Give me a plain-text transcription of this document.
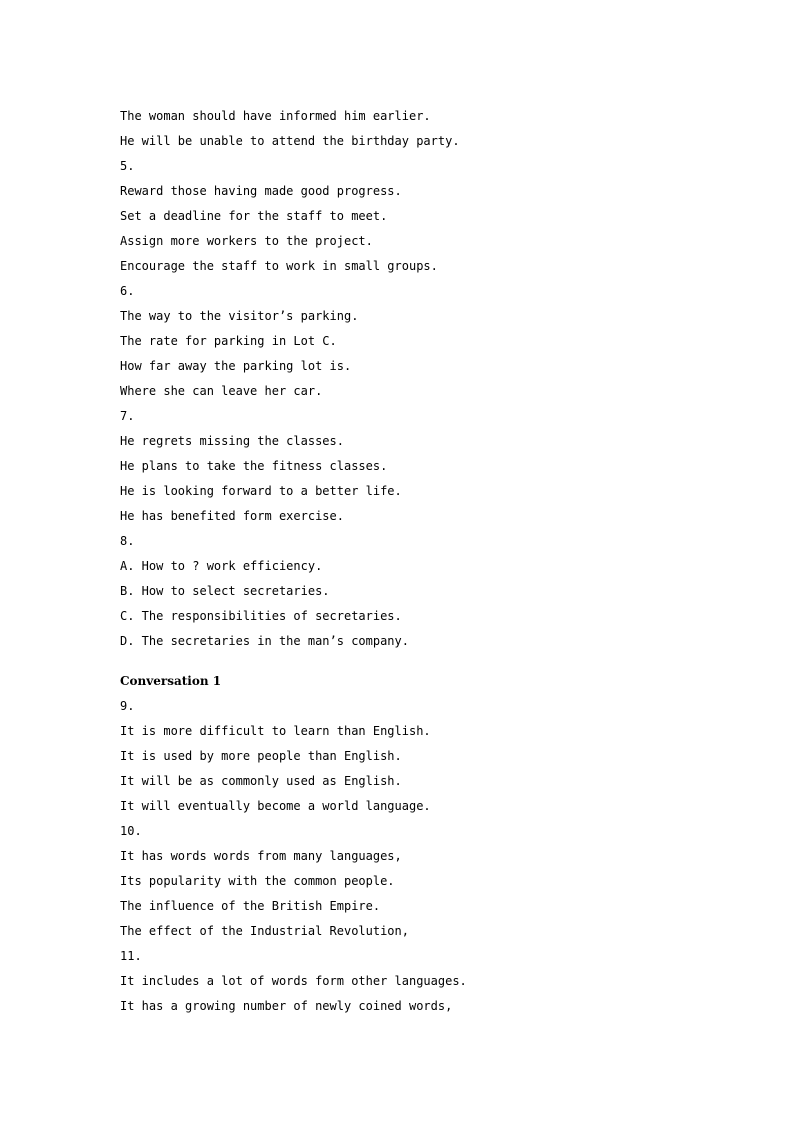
The woman should have informed him earlier.
He will be unable to attend the birthday party.
5.
Reward those having made good progress.
Set a deadline for the staff to meet.
Assign more workers to the project.
Encourage the staff to work in small groups.
6.
The way to the visitor’s parking.
The rate for parking in Lot C.
How far away the parking lot is.
Where she can leave her car.
7.
He regrets missing the classes.
He plans to take the fitness classes.
He is looking forward to a better life.
He has benefited form exercise.
8.
A. How to ? work efficiency.
B. How to select secretaries.
C. The responsibilities of secretaries.
D. The secretaries in the man’s company.
Conversation 1
9.
It is more difficult to learn than English.
It is used by more people than English.
It will be as commonly used as English.
It will eventually become a world language.
10.
It has words words from many languages,
Its popularity with the common people.
The influence of the British Empire.
The effect of the Industrial Revolution,
11.
It includes a lot of words form other languages.
It has a growing number of newly coined words,
